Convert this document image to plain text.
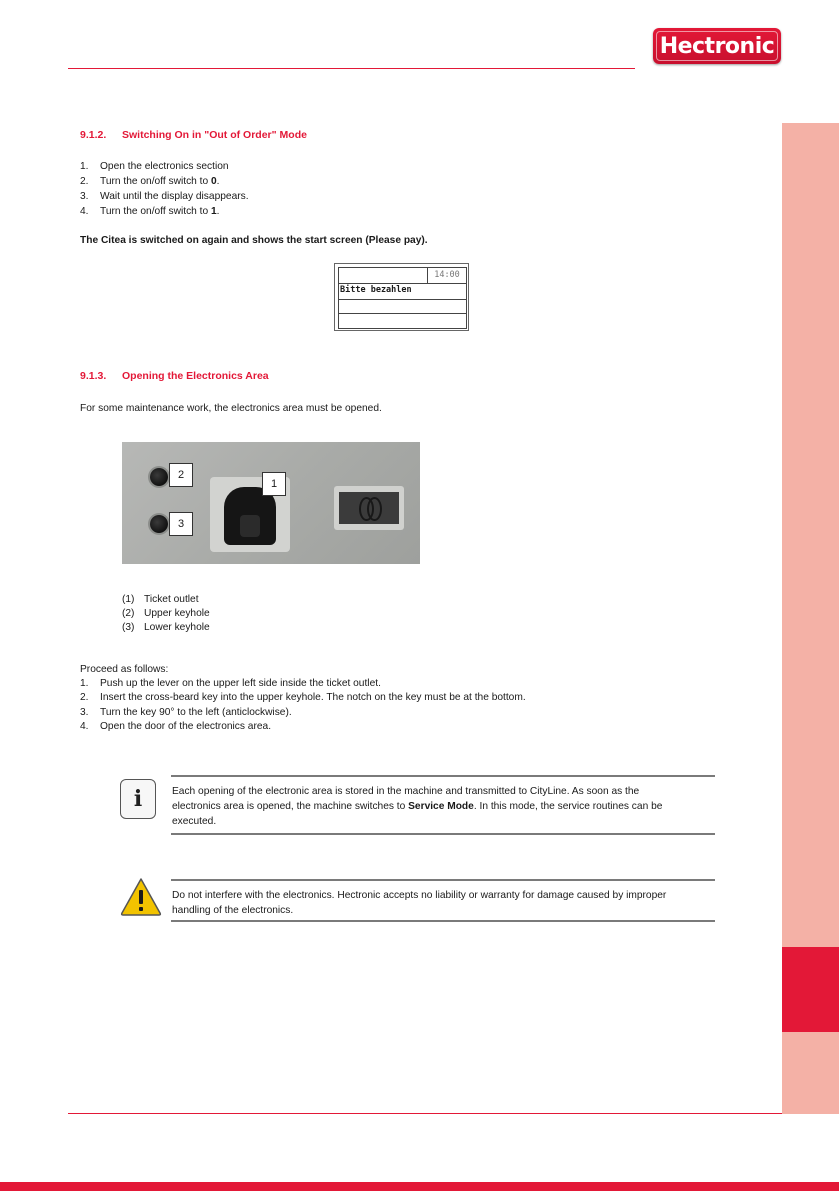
Hectronic
9.1.2. Switching On in "Out of Order" Mode
1. Open the electronics section
2. Turn the on/off switch to 0.
3. Wait until the display disappears.
4. Turn the on/off switch to 1.
The Citea is switched on again and shows the start screen (Please pay).
14:00
Bitte bezahlen
9.1.3. Opening the Electronics Area
For some maintenance work, the electronics area must be opened.
2
1
3
(1) Ticket outlet
(2) Upper keyhole
(3) Lower keyhole
Proceed as follows:
1. Push up the lever on the upper left side inside the ticket outlet.
2. Insert the cross-beard key into the upper keyhole. The notch on the key must be at the bottom.
3. Turn the key 90° to the left (anticlockwise).
4. Open the door of the electronics area.
i	Each opening of the electronic area is stored in the machine and transmitted to CityLine. As soon as the
electronics area is opened, the machine switches to Service Mode. In this mode, the service routines can be
executed.
Do not interfere with the electronics. Hectronic accepts no liability or warranty for damage caused by improper
handling of the electronics.
